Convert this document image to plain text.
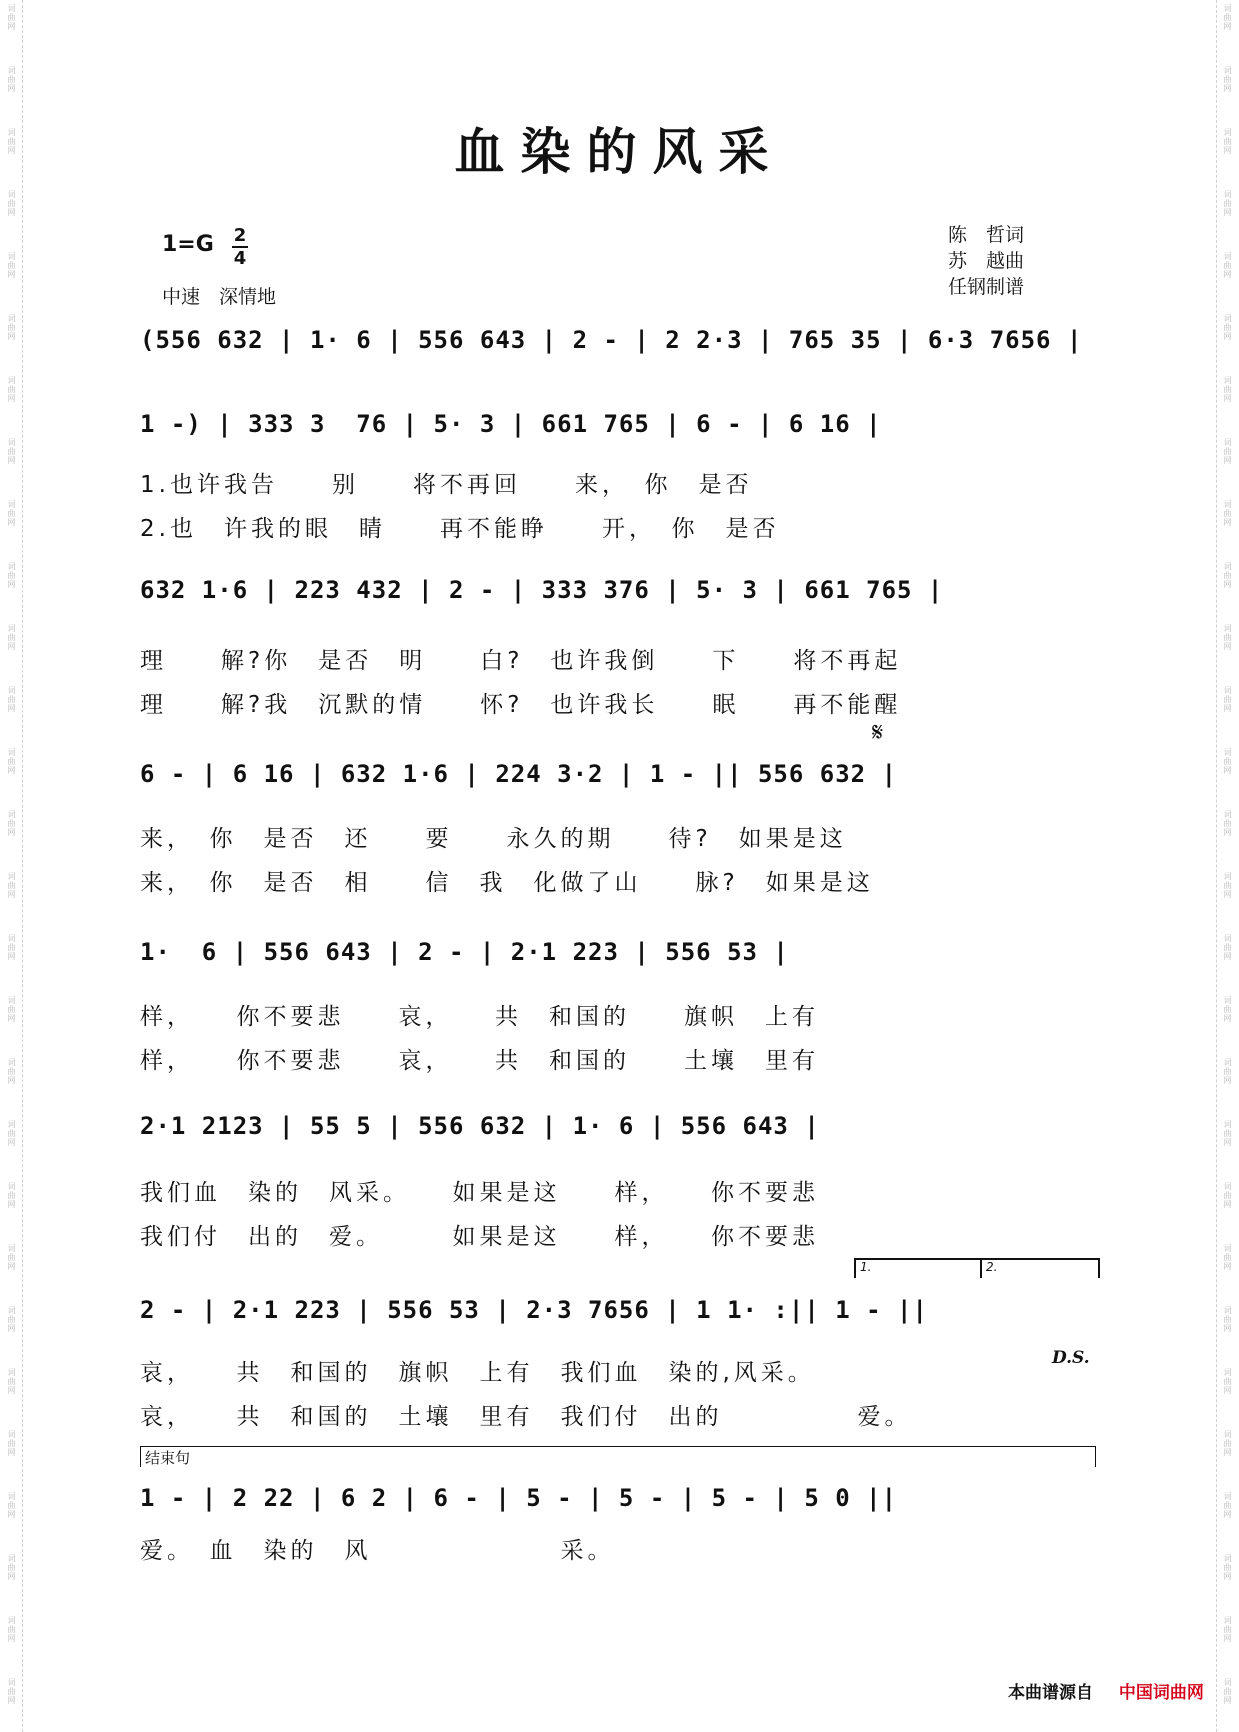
血染的风采
1=G 2
4
中速　深情地
陈　哲词
苏　越曲
任钢制谱
(556 632 | 1· 6 | 556 643 | 2 - | 2 2·3 | 765 35 | 6·3 7656 |
1 -) | 333 3  76 | 5· 3 | 661 765 | 6 - | 6 16 |
1.也许我告　　别　　将不再回　　来，　你　是否
2.也　许我的眼　睛　　再不能睁　　开，　你　是否
632 1·6 | 223 432 | 2 - | 333 376 | 5· 3 | 661 765 |
理　　解?你　是否　明　　白?　也许我倒　　下　　将不再起
理　　解?我　沉默的情　　怀?　也许我长　　眠　　再不能醒
𝄋
6 - | 6 16 | 632 1·6 | 224 3·2 | 1 - || 556 632 |
来，　你　是否　还　　要　　永久的期　　待?　如果是这
来，　你　是否　相　　信　我　化做了山　　脉?　如果是这
1·  6 | 556 643 | 2 - | 2·1 223 | 556 53 |
样，　　你不要悲　　哀，　　共　和国的　　旗帜　上有
样，　　你不要悲　　哀，　　共　和国的　　土壤　里有
2·1 2123 | 55 5 | 556 632 | 1· 6 | 556 643 |
我们血　染的　风采。　　如果是这　　样，　　你不要悲
我们付　出的　爱。　　　如果是这　　样，　　你不要悲
1.	2.
2 - | 2·1 223 | 556 53 | 2·3 7656 | 1 1· :|| 1 - ||
D.S.
哀，　　共　和国的　旗帜　上有　我们血　染的,风采。
哀，　　共　和国的　土壤　里有　我们付　出的　　　　　爱。
结束句
1 - | 2 22 | 6 2 | 6 - | 5 - | 5 - | 5 - | 5 0 ||
爱。　血　染的　风　　　　　　　采。
本曲谱源自 中国词曲网
词曲网
词曲网
词曲网
词曲网
词曲网
词曲网
词曲网
词曲网
词曲网
词曲网
词曲网
词曲网
词曲网
词曲网
词曲网
词曲网
词曲网
词曲网
词曲网
词曲网
词曲网
词曲网
词曲网
词曲网
词曲网
词曲网
词曲网
词曲网
词曲网
词曲网
词曲网
词曲网
词曲网
词曲网
词曲网
词曲网
词曲网
词曲网
词曲网
词曲网
词曲网
词曲网
词曲网
词曲网
词曲网
词曲网
词曲网
词曲网
词曲网
词曲网
词曲网
词曲网
词曲网
词曲网
词曲网
词曲网
